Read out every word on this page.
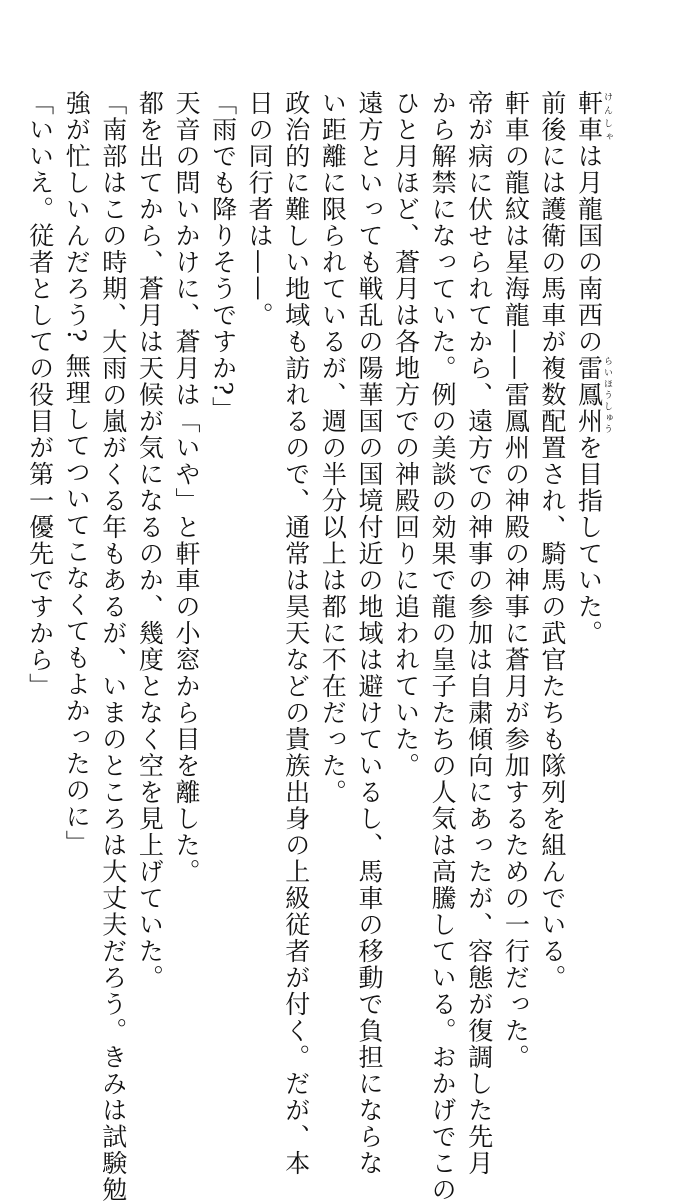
軒車けんしゃは月龍国の南西の雷鳳州らいほうしゅうを目指していた。
前後には護衛の馬車が複数配置され、騎馬の武官たちも隊列を組んでいる。
軒車の龍紋は星海龍——雷鳳州の神殿の神事に蒼月が参加するための一行だった。
帝が病に伏せられてから、遠方での神事の参加は自粛傾向にあったが、容態が復調した先月
から解禁になっていた。例の美談の効果で龍の皇子たちの人気は高騰している。おかげでこの
ひと月ほど、蒼月は各地方での神殿回りに追われていた。
遠方といっても戦乱の陽華国の国境付近の地域は避けているし、馬車の移動で負担にならな
い距離に限られているが、週の半分以上は都に不在だった。
政治的に難しい地域も訪れるので、通常は昊天などの貴族出身の上級従者が付く。だが、本
日の同行者は——。
「雨でも降りそうですか?」
天音の問いかけに、蒼月は「いや」と軒車の小窓から目を離した。
都を出てから、蒼月は天候が気になるのか、幾度となく空を見上げていた。
「南部はこの時期、大雨の嵐がくる年もあるが、いまのところは大丈夫だろう。きみは試験勉
強が忙しいんだろう? 無理してついてこなくてもよかったのに」
「いいえ。従者としての役目が第一優先ですから」
